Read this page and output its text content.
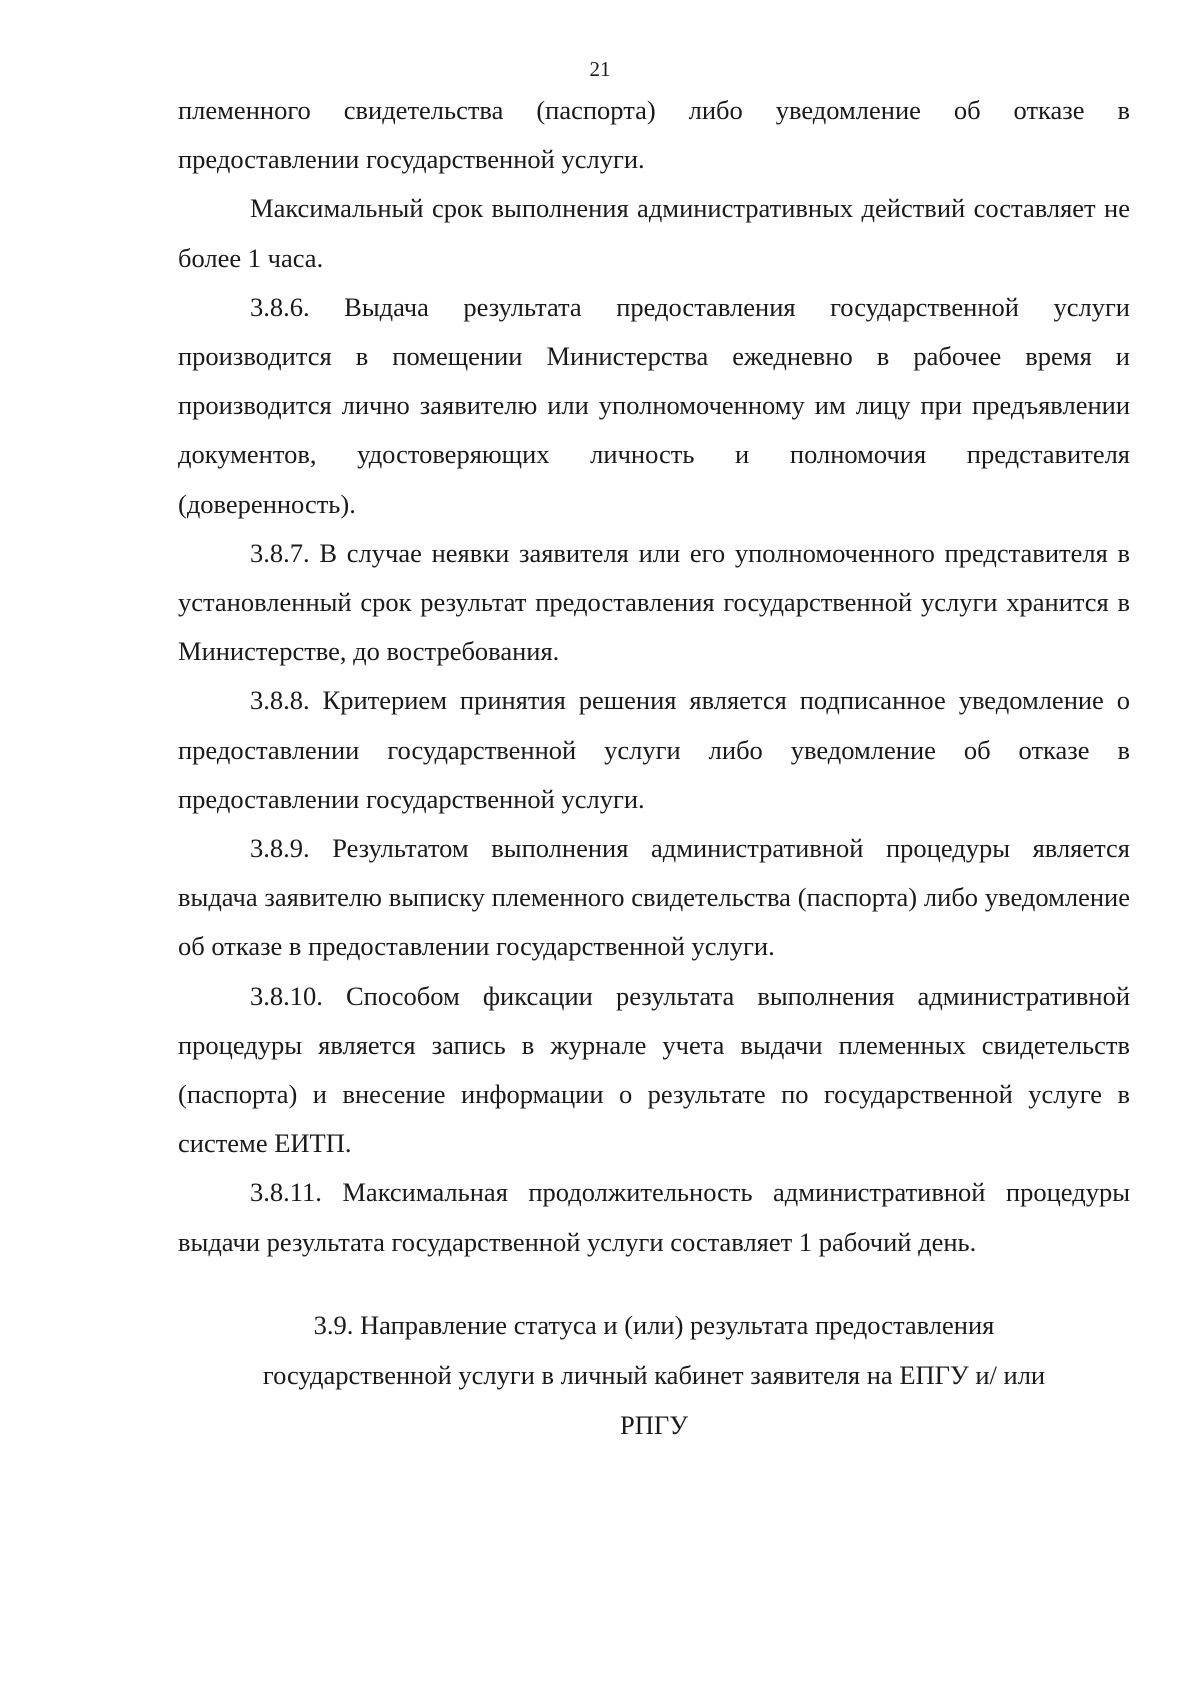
21

племенного свидетельства (паспорта) либо уведомление об отказе в предоставлении государственной услуги.

Максимальный срок выполнения административных действий составляет не более 1 часа.

3.8.6. Выдача результата предоставления государственной услуги производится в помещении Министерства ежедневно в рабочее время и производится лично заявителю или уполномоченному им лицу при предъявлении документов, удостоверяющих личность и полномочия представителя (доверенность).

3.8.7. В случае неявки заявителя или его уполномоченного представителя в установленный срок результат предоставления государственной услуги хранится в Министерстве, до востребования.

3.8.8. Критерием принятия решения является подписанное уведомление о предоставлении государственной услуги либо уведомление об отказе в предоставлении государственной услуги.

3.8.9. Результатом выполнения административной процедуры является выдача заявителю выписку племенного свидетельства (паспорта) либо уведомление об отказе в предоставлении государственной услуги.

3.8.10. Способом фиксации результата выполнения административной процедуры является запись в журнале учета выдачи племенных свидетельств (паспорта) и внесение информации о результате по государственной услуге в системе ЕИТП.

3.8.11. Максимальная продолжительность административной процедуры выдачи результата государственной услуги составляет 1 рабочий день.

3.9. Направление статуса и (или) результата предоставления
государственной услуги в личный кабинет заявителя на ЕПГУ и/ или
РПГУ
